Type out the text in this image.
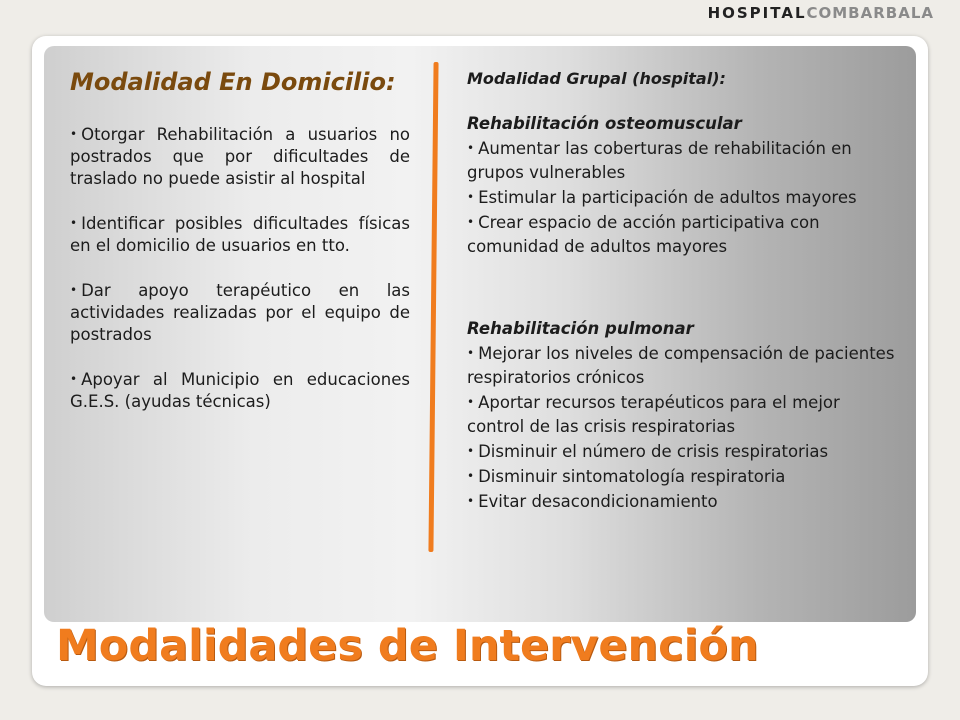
HOSPITALCOMBARBALA
Modalidad En Domicilio:
• Otorgar Rehabilitación a usuarios no postrados que por dificultades de traslado no puede asistir al hospital
• Identificar posibles dificultades físicas en el domicilio de usuarios en tto.
• Dar apoyo terapéutico en las actividades realizadas por el equipo de postrados
• Apoyar al Municipio en educaciones G.E.S. (ayudas técnicas)
Modalidad Grupal (hospital):
Rehabilitación osteomuscular
• Aumentar las coberturas de rehabilitación en grupos vulnerables
• Estimular la participación de adultos mayores
• Crear espacio de acción participativa con comunidad de adultos mayores
Rehabilitación pulmonar
• Mejorar los niveles de compensación de pacientes respiratorios crónicos
• Aportar recursos terapéuticos para el mejor control de las crisis respiratorias
• Disminuir el número de crisis respiratorias
• Disminuir sintomatología respiratoria
• Evitar desacondicionamiento
Modalidades de Intervención
